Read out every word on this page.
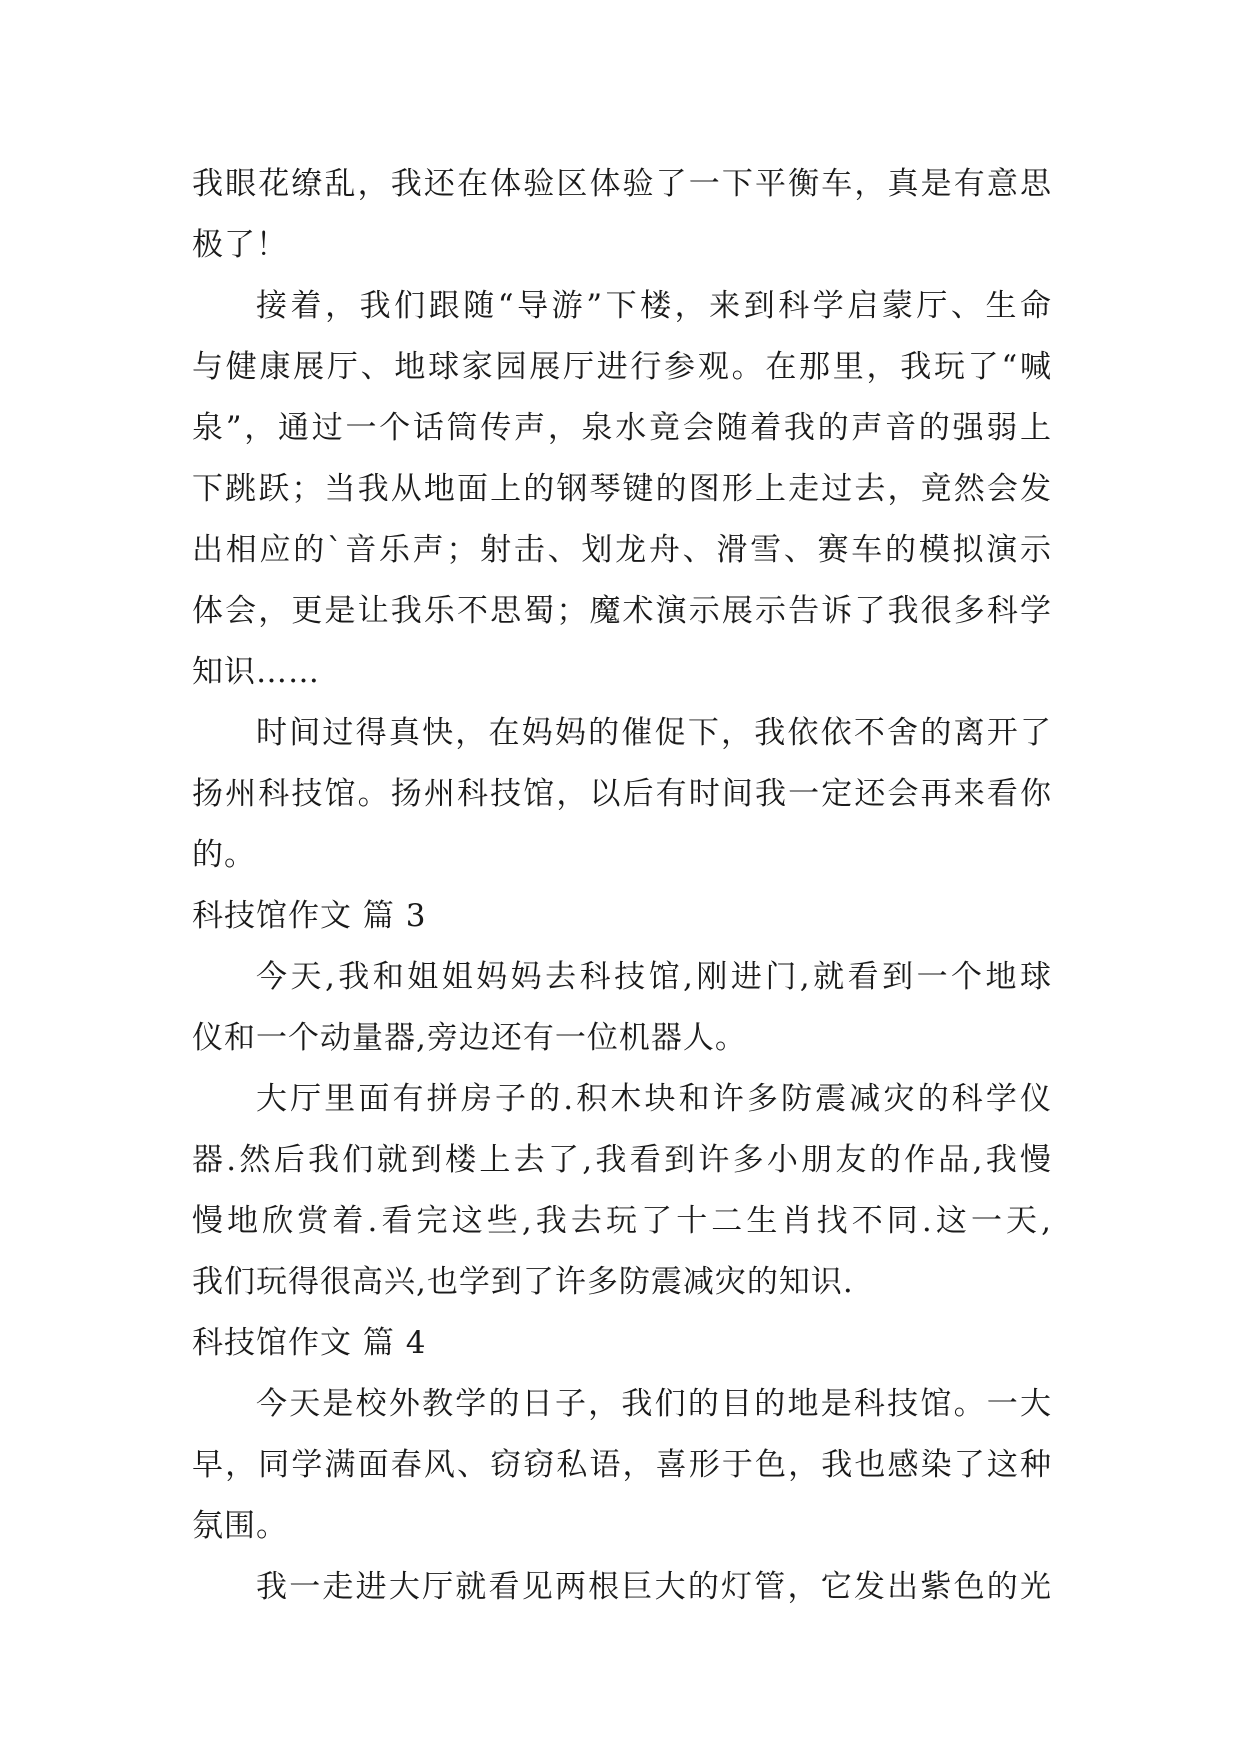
我眼花缭乱，我还在体验区体验了一下平衡车，真是有意思
极了！
接着，我们跟随“导游”下楼，来到科学启蒙厅、生命
与健康展厅、地球家园展厅进行参观。在那里，我玩了“喊
泉”，通过一个话筒传声，泉水竟会随着我的声音的强弱上
下跳跃；当我从地面上的钢琴键的图形上走过去，竟然会发
出相应的`音乐声；射击、划龙舟、滑雪、赛车的模拟演示
体会，更是让我乐不思蜀；魔术演示展示告诉了我很多科学
知识……
时间过得真快，在妈妈的催促下，我依依不舍的离开了
扬州科技馆。扬州科技馆，以后有时间我一定还会再来看你
的。
科技馆作文 篇 3
今天,我和姐姐妈妈去科技馆,刚进门,就看到一个地球
仪和一个动量器,旁边还有一位机器人。
大厅里面有拼房子的.积木块和许多防震减灾的科学仪
器.然后我们就到楼上去了,我看到许多小朋友的作品,我慢
慢地欣赏着.看完这些,我去玩了十二生肖找不同.这一天,
我们玩得很高兴,也学到了许多防震减灾的知识.
科技馆作文 篇 4
今天是校外教学的日子，我们的目的地是科技馆。一大
早，同学满面春风、窃窃私语，喜形于色，我也感染了这种
氛围。
我一走进大厅就看见两根巨大的灯管，它发出紫色的光
